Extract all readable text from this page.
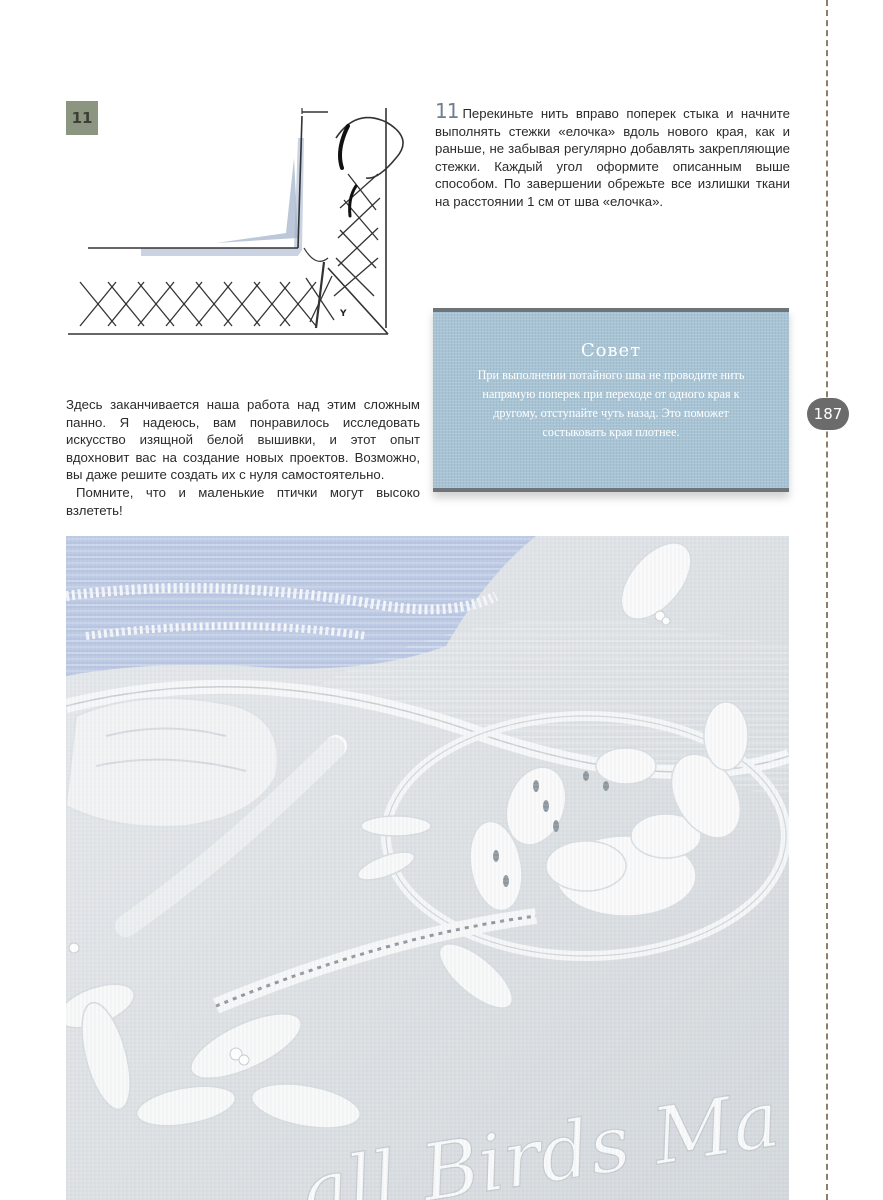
11
Y
11 Перекиньте нить вправо поперек стыка и начните выполнять стежки «елочка» вдоль нового края, как и раньше, не забывая регулярно добавлять закрепляющие стежки. Каждый угол оформите описанным выше способом. По завершении обрежьте все излишки ткани на расстоянии 1 см от шва «елочка».
Совет
При выполнении потайного шва не проводите нить напрямую поперек при переходе от одного края к другому, отступайте чуть назад. Это поможет состыковать края плотнее.

Здесь заканчивается наша работа над этим сложным панно. Я надеюсь, вам понравилось исследовать искусство изящной белой вышивки, и этот опыт вдохновит вас на создание новых проектов. Возможно, вы даже решите создать их с нуля самостоятельно.

Помните, что и маленькие птички могут высоко взлететь!

187
